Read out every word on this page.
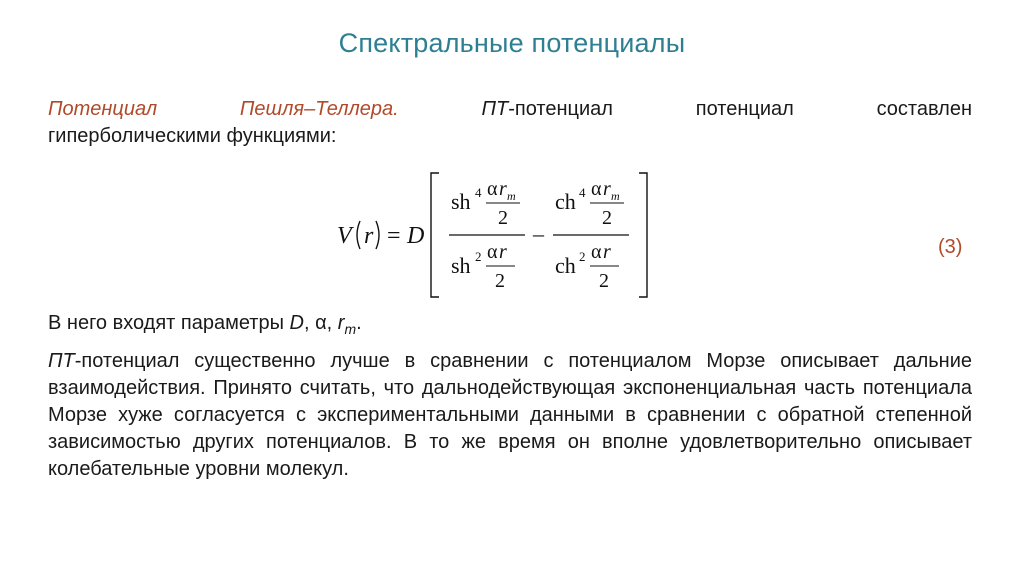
Спектральные потенциалы
Потенциал Пешля–Теллера.	ПТ-потенциал потенциал составлен
гиперболическими функциями:
V r = D
sh 4 α r m
2
sh 2 α r
2
–
ch 4 α r m
2
ch 2 α r
2
(3)
В него входят параметры D, α, $r_m$.
ПТ-потенциал существенно лучше в сравнении с потенциалом Морзе описывает дальние взаимодействия. Принято считать, что дальнодействующая экспоненциальная часть потенциала Морзе хуже согласуется с экспериментальными данными в сравнении с обратной степенной зависимостью других потенциалов. В то же время он вполне удовлетворительно описывает колебательные уровни молекул.
